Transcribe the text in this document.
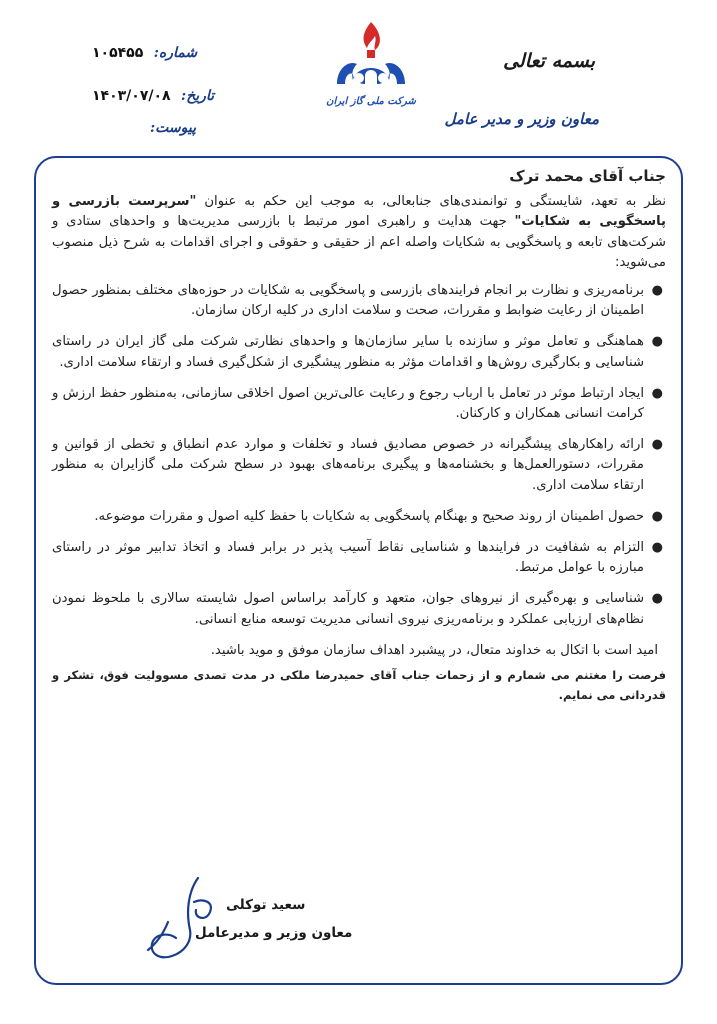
بسمه تعالی
معاون وزیر و مدیر عامل
شرکت ملی گاز ایران
شماره: ۱۰۵۴۵۵
تاریخ: ۱۴۰۳/۰۷/۰۸
پیوست:

جناب آقای محمد ترک

نظر به تعهد، شایستگی و توانمندی‌های جنابعالی، به موجب این حکم به عنوان "سرپرست بازرسی و پاسخگویی به شکایات" جهت هدایت و راهبری امور مرتبط با بازرسی مدیریت‌ها و واحدهای ستادی و شرکت‌های تابعه و پاسخگویی به شکایات واصله اعم از حقیقی و حقوقی و اجرای اقدامات به شرح ذیل منصوب می‌شوید:

●
برنامه‌ریزی و نظارت بر انجام فرایندهای بازرسی و پاسخگویی به شکایات در حوزه‌های مختلف بمنظور حصول اطمینان از رعایت ضوابط و مقررات، صحت و سلامت اداری در کلیه ارکان سازمان.
●
هماهنگی و تعامل موثر و سازنده با سایر سازمان‌ها و واحدهای نظارتی شرکت ملی گاز ایران در راستای شناسایی و بکارگیری روش‌ها و اقدامات مؤثر به منظور پیشگیری از شکل‌گیری فساد و ارتقاء سلامت اداری.
●
ایجاد ارتباط موثر در تعامل با ارباب رجوع و رعایت عالی‌ترین اصول اخلاقی سازمانی، به‌منظور حفظ ارزش و کرامت انسانی همکاران و کارکنان.
●
ارائه راهکارهای پیشگیرانه در خصوص مصادیق فساد و تخلفات و موارد عدم انطباق و تخطی از قوانین و مقررات، دستورالعمل‌ها و بخشنامه‌ها و پیگیری برنامه‌های بهبود در سطح شرکت ملی گازایران به منظور ارتقاء سلامت اداری.
●
حصول اطمینان از روند صحیح و بهنگام پاسخگویی به شکایات با حفظ کلیه اصول و مقررات موضوعه.
●
التزام به شفافیت در فرایندها و شناسایی نقاط آسیب پذیر در برابر فساد و اتخاذ تدابیر موثر در راستای مبارزه با عوامل مرتبط.
●
شناسایی و بهره‌گیری از نیروهای جوان، متعهد و کارآمد براساس اصول شایسته سالاری با ملحوظ نمودن نظام‌های ارزیابی عملکرد و برنامه‌ریزی نیروی انسانی مدیریت توسعه منابع انسانی.

امید است با اتکال به خداوند متعال، در پیشبرد اهداف سازمان موفق و موید باشید.

فرصت را مغتنم می شمارم و از زحمات جناب آقای حمیدرضا ملکی در مدت تصدی مسوولیت فوق، تشکر و قدردانی می نمایم.

سعید توکلی
معاون وزیر و مدیرعامل
